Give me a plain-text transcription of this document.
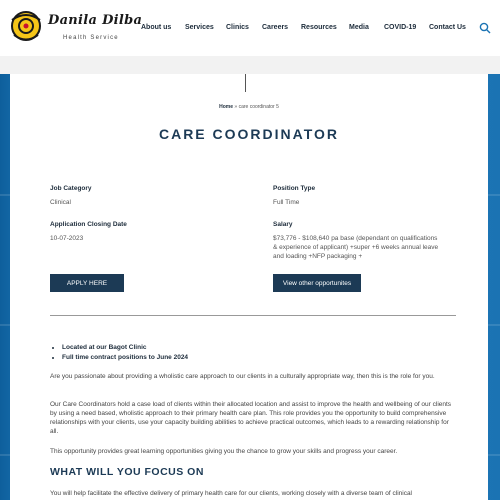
Danila Dilba
Health Service
About us Services Clinics Careers Resources Media COVID-19 Contact Us
Home » care coordinator 5
CARE COORDINATOR
Job Category
Clinical
Application Closing Date
10-07-2023
Position Type
Full Time
Salary
$73,776 - $108,640 pa base (dependant on qualifications & experience of applicant) +super +6 weeks annual leave and loading +NFP packaging +
APPLY HERE	View other opportunites
• Located at our Bagot Clinic
• Full time contract positions to June 2024
Are you passionate about providing a wholistic care approach to our clients in a culturally appropriate way, then this is the role for you.
Our Care Coordinators hold a case load of clients within their allocated location and assist to improve the health and wellbeing of our clients by using a need based, wholistic approach to their primary health care plan. This role provides you the opportunity to build comprehensive relationships with your clients, use your capacity building abilities to achieve practical outcomes, which leads to a rewarding relationship for all.
This opportunity provides great learning opportunities giving you the chance to grow your skills and progress your career.
WHAT WILL YOU FOCUS ON
You will help facilitate the effective delivery of primary health care for our clients, working closely with a diverse team of clinical
